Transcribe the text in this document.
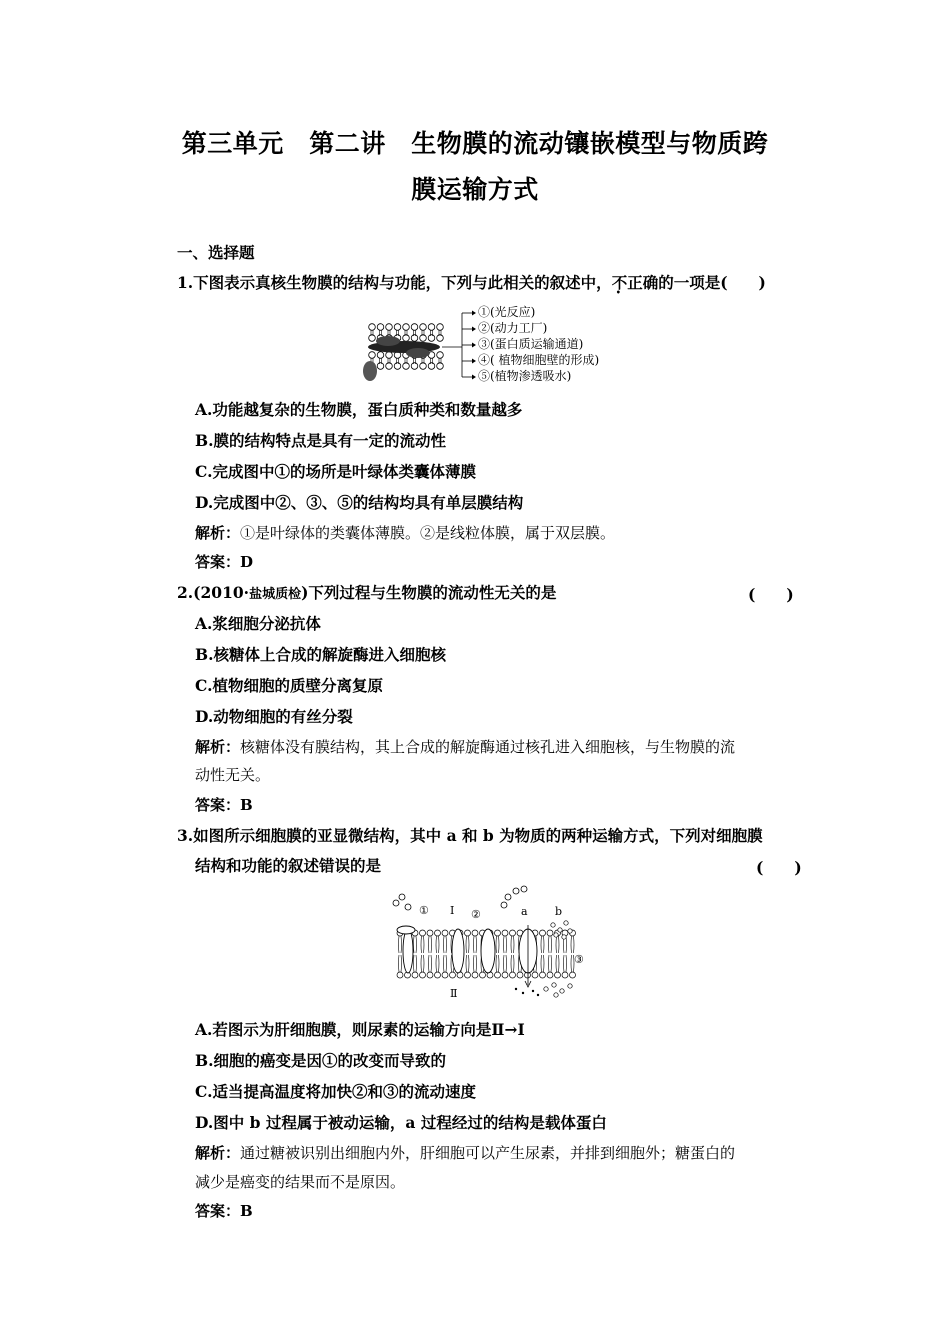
第三单元　第二讲　生物膜的流动镶嵌模型与物质跨
膜运输方式
一、选择题
1.下图表示真核生物膜的结构与功能，下列与此相关的叙述中，不正确的一项是(　　)
①(光反应)
②(动力工厂)
③(蛋白质运输通道)
④( 植物细胞壁的形成)
⑤(植物渗透吸水)
A.功能越复杂的生物膜，蛋白质种类和数量越多
B.膜的结构特点是具有一定的流动性
C.完成图中①的场所是叶绿体类囊体薄膜
D.完成图中②、③、⑤的结构均具有单层膜结构
解析：①是叶绿体的类囊体薄膜。②是线粒体膜，属于双层膜。
答案：D
2.(2010·盐城质检)下列过程与生物膜的流动性无关的是	(　　)
A.浆细胞分泌抗体
B.核糖体上合成的解旋酶进入细胞核
C.植物细胞的质壁分离复原
D.动物细胞的有丝分裂
解析：核糖体没有膜结构，其上合成的解旋酶通过核孔进入细胞核，与生物膜的流
动性无关。
答案：B
3.如图所示细胞膜的亚显微结构，其中 a 和 b 为物质的两种运输方式，下列对细胞膜
结构和功能的叙述错误的是	(　　)
① Ⅰ ②	a b
③
Ⅱ
A.若图示为肝细胞膜，则尿素的运输方向是Ⅱ→Ⅰ
B.细胞的癌变是因①的改变而导致的
C.适当提高温度将加快②和③的流动速度
D.图中 b 过程属于被动运输，a 过程经过的结构是载体蛋白
解析：通过糖被识别出细胞内外，肝细胞可以产生尿素，并排到细胞外；糖蛋白的
减少是癌变的结果而不是原因。
答案：B
